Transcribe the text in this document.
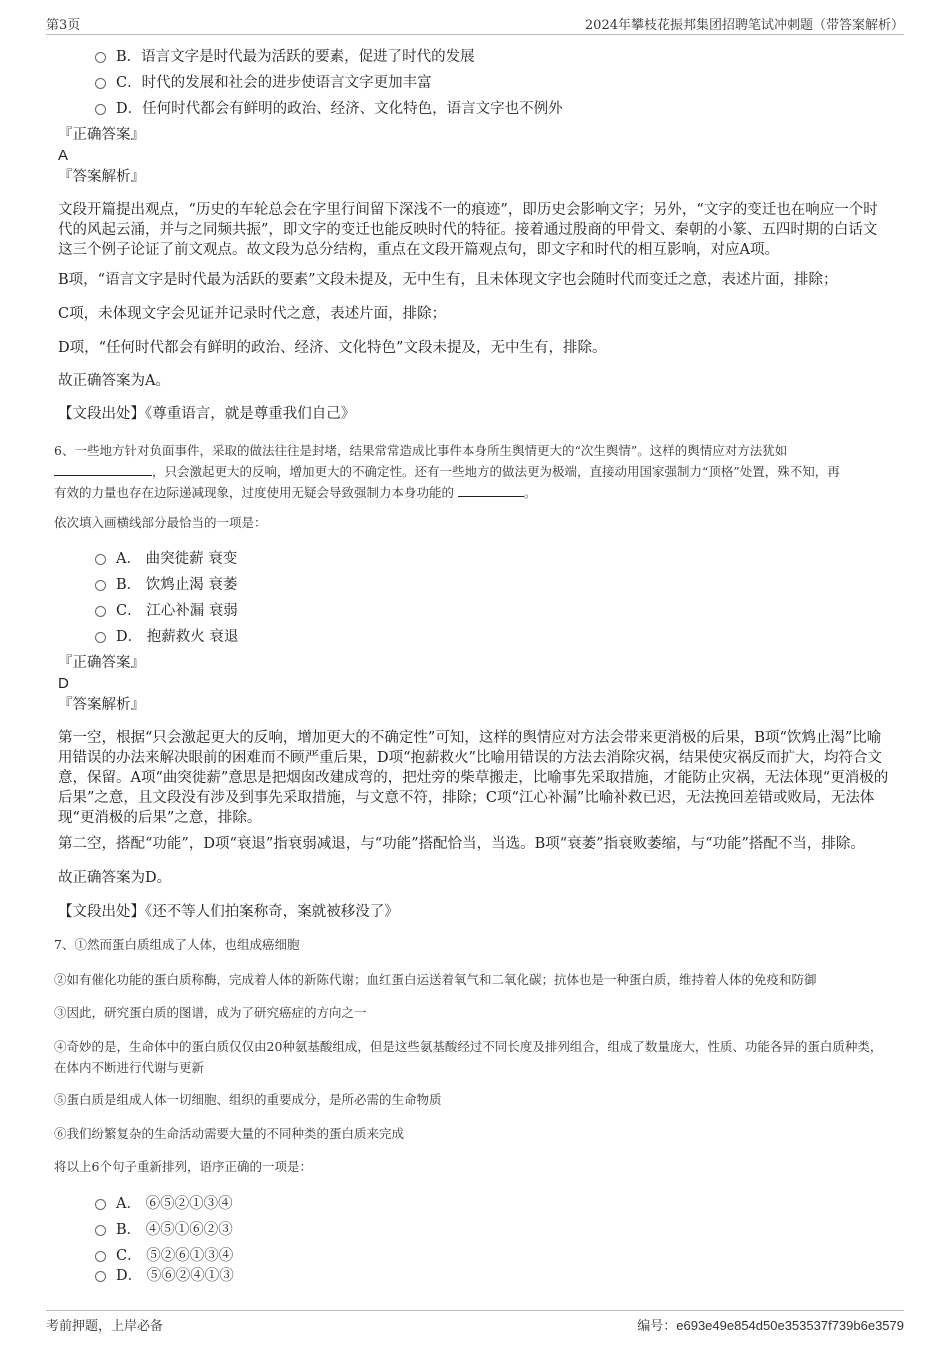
第3页	2024年攀枝花振邦集团招聘笔试冲刺题（带答案解析）
B．语言文字是时代最为活跃的要素，促进了时代的发展
C．时代的发展和社会的进步使语言文字更加丰富
D．任何时代都会有鲜明的政治、经济、文化特色，语言文字也不例外
『正确答案』
A
『答案解析』
文段开篇提出观点，“历史的车轮总会在字里行间留下深浅不一的痕迹”，即历史会影响文字；另外，“文字的变迁也在响应一个时代的风起云涌，并与之同频共振”，即文字的变迁也能反映时代的特征。接着通过殷商的甲骨文、秦朝的小篆、五四时期的白话文这三个例子论证了前文观点。故文段为总分结构，重点在文段开篇观点句，即文字和时代的相互影响，对应A项。
B项，“语言文字是时代最为活跃的要素”文段未提及，无中生有，且未体现文字也会随时代而变迁之意，表述片面，排除；
C项，未体现文字会见证并记录时代之意，表述片面，排除；
D项，“任何时代都会有鲜明的政治、经济、文化特色”文段未提及，无中生有，排除。
故正确答案为A。
【文段出处】《尊重语言，就是尊重我们自己》
6、一些地方针对负面事件，采取的做法往往是封堵，结果常常造成比事件本身所生舆情更大的“次生舆情”。这样的舆情应对方法犹如
，只会激起更大的反响，增加更大的不确定性。还有一些地方的做法更为极端，直接动用国家强制力“顶格”处置，殊不知，再
有效的力量也存在边际递减现象，过度使用无疑会导致强制力本身功能的	。
依次填入画横线部分最恰当的一项是：
A． 曲突徙薪 衰变
B． 饮鸩止渴 衰萎
C． 江心补漏 衰弱
D． 抱薪救火 衰退
『正确答案』
D
『答案解析』
第一空，根据“只会激起更大的反响，增加更大的不确定性”可知，这样的舆情应对方法会带来更消极的后果，B项“饮鸩止渴”比喻用错误的办法来解决眼前的困难而不顾严重后果，D项“抱薪救火”比喻用错误的方法去消除灾祸，结果使灾祸反而扩大，均符合文意，保留。A项“曲突徙薪”意思是把烟囱改建成弯的，把灶旁的柴草搬走，比喻事先采取措施，才能防止灾祸，无法体现“更消极的后果”之意，且文段没有涉及到事先采取措施，与文意不符，排除；C项“江心补漏”比喻补救已迟，无法挽回差错或败局，无法体现“更消极的后果”之意，排除。
第二空，搭配“功能”，D项“衰退”指衰弱减退，与“功能”搭配恰当，当选。B项“衰萎”指衰败萎缩，与“功能”搭配不当，排除。
故正确答案为D。
【文段出处】《还不等人们拍案称奇，案就被移没了》
7、①然而蛋白质组成了人体，也组成癌细胞
②如有催化功能的蛋白质称酶，完成着人体的新陈代谢；血红蛋白运送着氧气和二氧化碳；抗体也是一种蛋白质，维持着人体的免疫和防御
③因此，研究蛋白质的图谱，成为了研究癌症的方向之一
④奇妙的是，生命体中的蛋白质仅仅由20种氨基酸组成，但是这些氨基酸经过不同长度及排列组合，组成了数量庞大，性质、功能各异的蛋白质种类，在体内不断进行代谢与更新
⑤蛋白质是组成人体一切细胞、组织的重要成分，是所必需的生命物质
⑥我们纷繁复杂的生命活动需要大量的不同种类的蛋白质来完成
将以上6个句子重新排列，语序正确的一项是：
A． ⑥⑤②①③④
B． ④⑤①⑥②③
C． ⑤②⑥①③④
D． ⑤⑥②④①③
考前押题，上岸必备	编号：e693e49e854d50e353537f739b6e3579
